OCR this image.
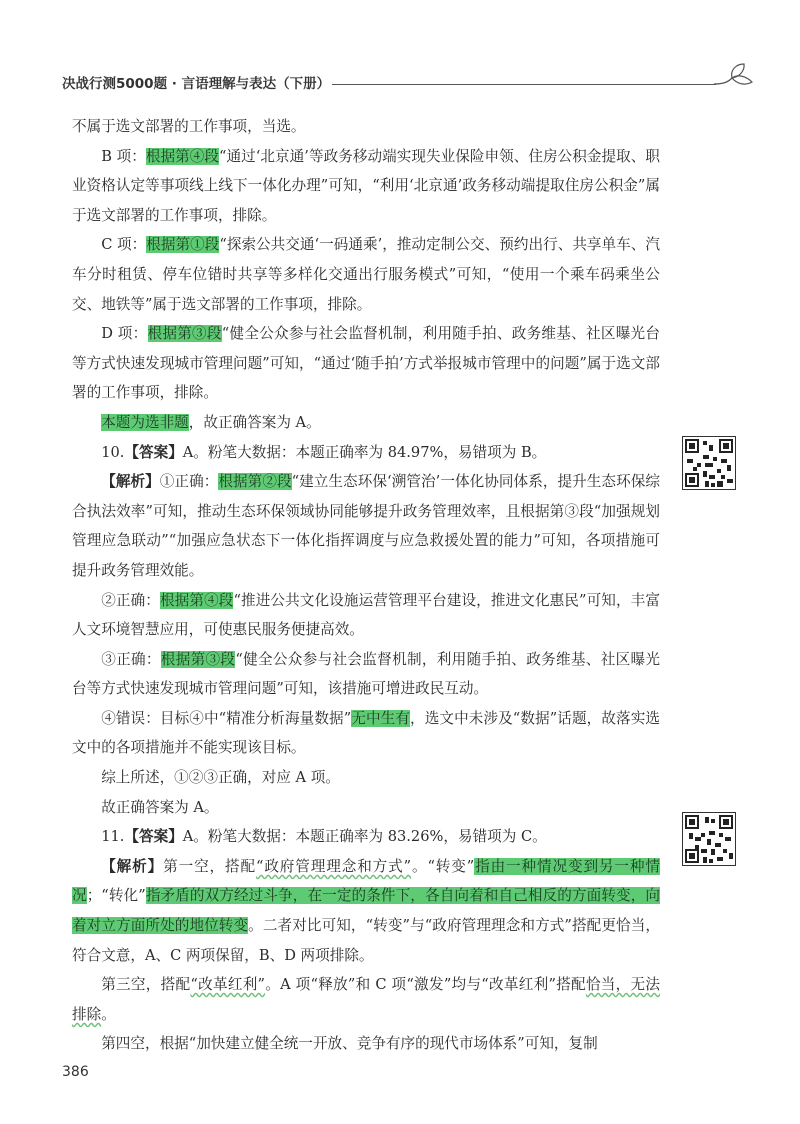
决战行测5000题 · 言语理解与表达（下册）

不属于选文部署的工作事项，当选。

B 项：根据第④段“通过‘北京通’等政务移动端实现失业保险申领、住房公积金提取、职业资格认定等事项线上线下一体化办理”可知，“利用‘北京通’政务移动端提取住房公积金”属于选文部署的工作事项，排除。

C 项：根据第①段“探索公共交通‘一码通乘’，推动定制公交、预约出行、共享单车、汽车分时租赁、停车位错时共享等多样化交通出行服务模式”可知，“使用一个乘车码乘坐公交、地铁等”属于选文部署的工作事项，排除。

D 项：根据第③段“健全公众参与社会监督机制，利用随手拍、政务维基、社区曝光台等方式快速发现城市管理问题”可知，“通过‘随手拍’方式举报城市管理中的问题”属于选文部署的工作事项，排除。

本题为选非题，故正确答案为 A。

10.【答案】A。粉笔大数据：本题正确率为 84.97%，易错项为 B。

【解析】①正确：根据第②段“建立生态环保‘溯管治’一体化协同体系，提升生态环保综合执法效率”可知，推动生态环保领域协同能够提升政务管理效率，且根据第③段“加强规划管理应急联动”“加强应急状态下一体化指挥调度与应急救援处置的能力”可知，各项措施可提升政务管理效能。

②正确：根据第④段“推进公共文化设施运营管理平台建设，推进文化惠民”可知，丰富人文环境智慧应用，可使惠民服务便捷高效。

③正确：根据第③段“健全公众参与社会监督机制，利用随手拍、政务维基、社区曝光台等方式快速发现城市管理问题”可知，该措施可增进政民互动。

④错误：目标④中“精准分析海量数据”无中生有，选文中未涉及“数据”话题，故落实选文中的各项措施并不能实现该目标。

综上所述，①②③正确，对应 A 项。

故正确答案为 A。

11.【答案】A。粉笔大数据：本题正确率为 83.26%，易错项为 C。

【解析】第一空，搭配“政府管理理念和方式”。“转变”指由一种情况变到另一种情况；“转化”指矛盾的双方经过斗争，在一定的条件下，各自向着和自己相反的方面转变，向着对立方面所处的地位转变。二者对比可知，“转变”与“政府管理理念和方式”搭配更恰当，符合文意，A、C 两项保留，B、D 两项排除。

第三空，搭配“改革红利”。A 项“释放”和 C 项“激发”均与“改革红利”搭配恰当，无法排除。

第四空，根据“加快建立健全统一开放、竞争有序的现代市场体系”可知，复制

386
